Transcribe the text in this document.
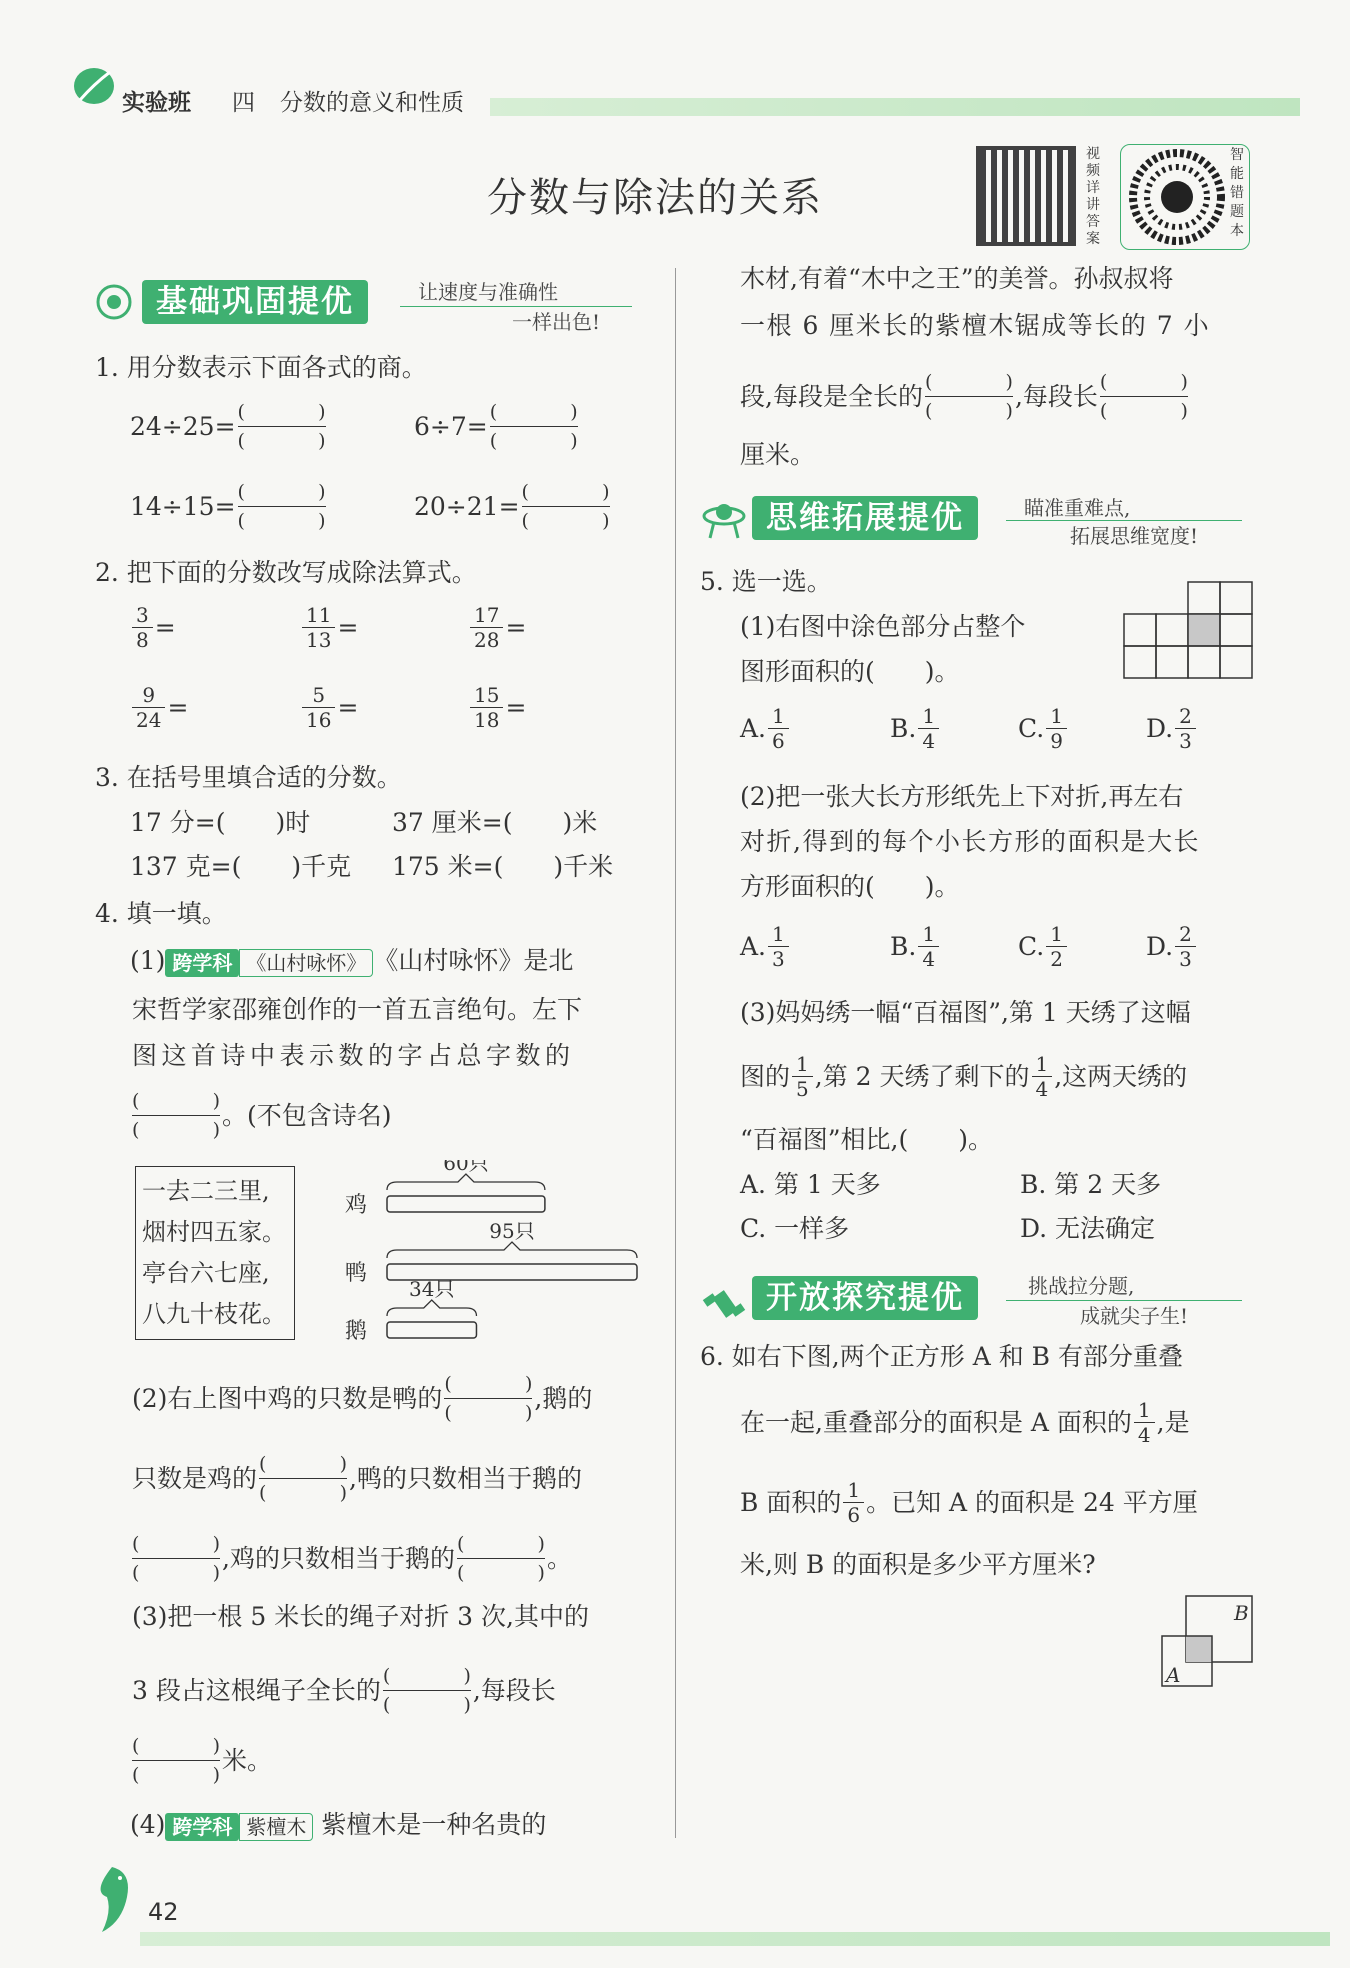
实验班 四 分数的意义和性质
分数与除法的关系
视频详讲答案
智能错题本
基础巩固提优	让速度与准确性
一样出色!
1. 用分数表示下面各式的商。
24÷25= (	)
(	)
6÷7= (	)
(	)
14÷15= (	)
(	)
20÷21= (	)
(	)
2. 把下面的分数改写成除法算式。
$\frac{3}{8}$ =	$\frac{11}{13}$ =	$\frac{17}{28}$ =
$\frac{9}{24}$ =	$\frac{5}{16}$ =	$\frac{15}{18}$ =
3. 在括号里填合适的分数。
17 分=(　　)时	37 厘米=(　　)米
137 克=(　　)千克 175 米=(　　)千米
4. 填一填。
(1) 跨学科 《山村咏怀》 《山村咏怀》是北
宋哲学家邵雍创作的一首五言绝句。左下
图这首诗中表示数的字占总字数的
(	)
(	)
。(不包含诗名)
一去二三里,
烟村四五家。
亭台六七座,
八九十枝花。
鸡
60只
鸭
95只
鹅
34只
(2)右上图中鸡的只数是鸭的 (	)
(	)
,鹅的
只数是鸡的 (	)
(	)
,鸭的只数相当于鹅的
(	)
(	)
,鸡的只数相当于鹅的 (	)
(	)
。
(3)把一根 5 米长的绳子对折 3 次,其中的
3 段占这根绳子全长的 (	)
(	)
,每段长
(	)
(	)
米。
(4) 跨学科 紫檀木 紫檀木是一种名贵的
42
木材,有着“木中之王”的美誉。孙叔叔将
一根 6 厘米长的紫檀木锯成等长的 7 小
段,每段是全长的 (	)
(	)
,每段长 (	)
(	)
厘米。
思维拓展提优	瞄准重难点,
拓展思维宽度!
5. 选一选。
(1)右图中涂色部分占整个
图形面积的(　　)。
A. $\frac{1}{6}$	B. $\frac{1}{4}$	C. $\frac{1}{9}$	D. $\frac{2}{3}$
(2)把一张大长方形纸先上下对折,再左右
对折,得到的每个小长方形的面积是大长
方形面积的(　　)。
A. $\frac{1}{3}$	B. $\frac{1}{4}$	C. $\frac{1}{2}$	D. $\frac{2}{3}$
(3)妈妈绣一幅“百福图”,第 1 天绣了这幅
图的 $\frac{1}{5}$ ,第 2 天绣了剩下的 $\frac{1}{4}$ ,这两天绣的
“百福图”相比,(　　)。
A. 第 1 天多	B. 第 2 天多
C. 一样多	D. 无法确定
开放探究提优	挑战拉分题,
成就尖子生!
6. 如右下图,两个正方形 A 和 B 有部分重叠
在一起,重叠部分的面积是 A 面积的 $\frac{1}{4}$ ,是
B 面积的 $\frac{1}{6}$ 。已知 A 的面积是 24 平方厘
米,则 B 的面积是多少平方厘米?
B
A
